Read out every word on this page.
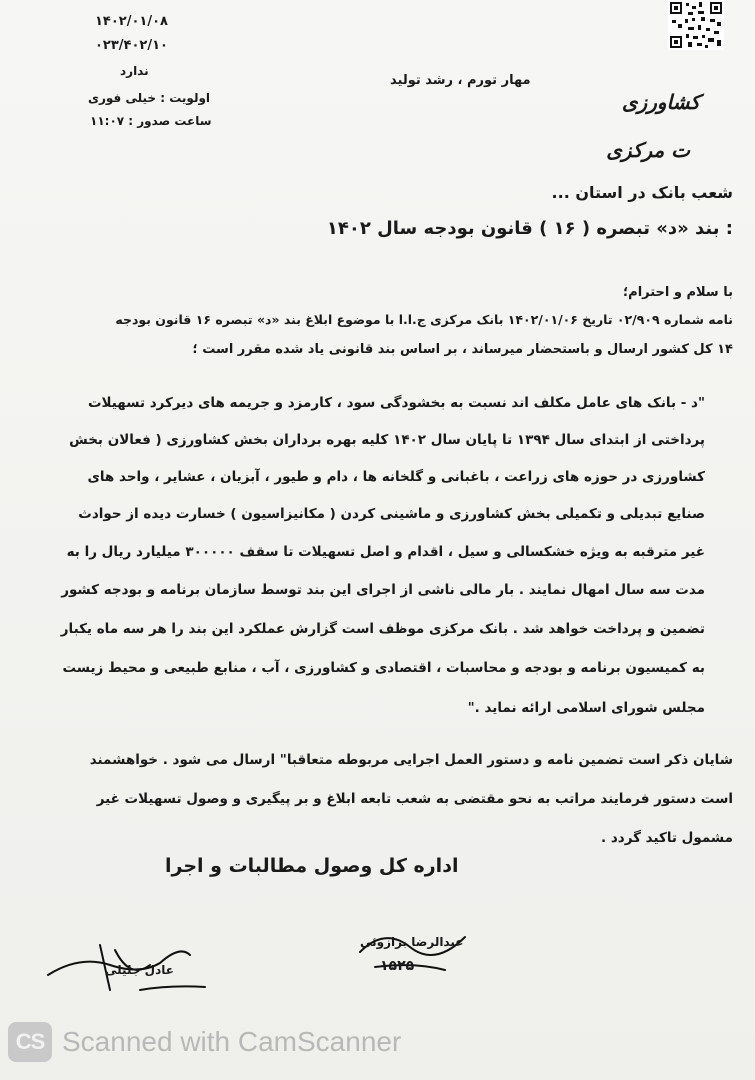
۱۴۰۲/۰۱/۰۸
۰۲۳/۴۰۲/۱۰
ندارد
اولویت : خیلی فوری
ساعت صدور : ۱۱:۰۷
مهار تورم ، رشد تولید
کشاورزی
ت مرکزی
شعب بانک در استان ...
: بند «د» تبصره ( ۱۶ ) قانون بودجه سال ۱۴۰۲
با سلام و احترام؛
نامه شماره ۰۲/۹۰۹ تاریخ ۱۴۰۲/۰۱/۰۶ بانک مرکزی ج.ا.ا با موضوع ابلاغ بند «د» تبصره ۱۶ قانون بودجه
۱۴ کل کشور ارسال و باستحضار میرساند ، بر اساس بند قانونی یاد شده مقرر است ؛
"د - بانک های عامل مکلف اند نسبت به بخشودگی سود ، کارمزد و جریمه های دیرکرد تسهیلات
پرداختی از ابتدای سال ۱۳۹۴ تا پایان سال ۱۴۰۲ کلیه بهره برداران بخش کشاورزی ( فعالان بخش
کشاورزی در حوزه های زراعت ، باغبانی و گلخانه ها ، دام و طیور ، آبزیان ، عشایر ، واحد های
صنایع تبدیلی و تکمیلی بخش کشاورزی و ماشینی کردن ( مکانیزاسیون ) خسارت دیده از حوادث
غیر مترقبه به ویژه خشکسالی و سیل ، اقدام و اصل تسهیلات تا سقف ۳۰۰۰۰۰ میلیارد ریال را به
مدت سه سال امهال نمایند . بار مالی ناشی از اجرای این بند توسط سازمان برنامه و بودجه کشور
تضمین و پرداخت خواهد شد . بانک مرکزی موظف است گزارش عملکرد این بند را هر سه ماه یکبار
به کمیسیون برنامه و بودجه و محاسبات ، اقتصادی و کشاورزی ، آب ، منابع طبیعی و محیط زیست
مجلس شورای اسلامی ارائه نماید ."
شایان ذکر است تضمین نامه و دستور العمل اجرایی مربوطه متعاقبا" ارسال می شود . خواهشمند
است دستور فرمایند مراتب به نحو مقتضی به شعب تابعه ابلاغ و بر پیگیری و وصول تسهیلات غیر
مشمول تاکید گردد .
اداره کل وصول مطالبات و اجرا
عادل جلیلی
عبدالرضا برازوئی
۱۵۲۵
CS Scanned with CamScanner
